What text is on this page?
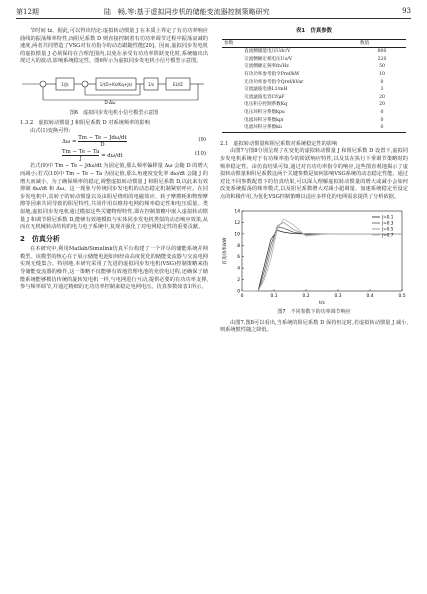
第12期	陆　畅,等:基于虚拟同步机的储能变流器控制策略研究	93

节时间 tz。据此,可以得出结论:虚拟转动惯量 J 在本质上界定了有功功率响应曲线的振荡频率特性,而阻尼系数 D 则直接控制着有功功率调节过程中振荡衰减的速度,两者共同塑造了VSG对有功指令的动态跟随性能[20]。因而,虚拟同步发电机的虚拟惯量 J 必须保持在合理范围内,以免在承受有功功率阶跃变化时,系统输出出现过大的波动,影响系统稳定性。图6所示为虚拟同步发电机小信号模型示意图。

1/Js	1/(D+Ks/Kq+Js)	1/s	EU/Z
D·Δω
图6　虚拟同步发电机小信号模型示意图

1.3.2　虚拟转动惯量 J 和阻尼系数 D 对系统频率的影响

由式(1)变换可得:

$\Delta\omega = \frac{\text{Tm − Te − Jdω/dt}}{D}$	(9)
$\frac{Tm - Te - Ta}{J} = d\omega/dt$	(10)

若式(9)中 Tm − Te − Jdω/dt 为固定值,那么频率偏移量 Δω 会随 D 的增大而减小;若式(10)中 Tm − Te − Ta 为固定值,那么角速度变化率 dω/dt 会随 J 的增大而减小。为了确保频率的稳定,调整虚拟转动惯量 J 和阻尼系数 D,以此来有效抑制 dω/dt 和 Δω。这一现象与传统同步发电机的动态稳定机制紧密呼应。在同步发电机中,其转子的转动惯量以及由阻尼绕组的电磁效应、转子摩擦耗和物理摩擦等因素共同导致的阻尼特性,共同作用以维持电网的频率稳定性和电压质量。类似地,虚拟同步发电机通过模拟这些关键物理特性,即在控制策略中嵌入虚拟转动惯量 J 和调节阻尼系数 D,能够有效地模拟与实体同步发电机类似的动态响应效果,从而在无机械转动结构的电力电子系统中,复现并强化了对电网稳定性的重要贡献。

2　仿真分析

在本研究中,利用Matlab/Simulink仿真平台构建了一个详尽的储能系统并网模型。该模型的核心在于展示储能电池如何经由高度优化的储能变流器与交流电网实现无缝集合。特别地,本研究采用了先进的虚拟同步发电机(VSG)控制策略来指导储能变流器的操作,这一策略不仅能够有效地管理电池的充放电过程,还确保了储能系统能够模仿传统的旋转发电机一样,与电网进行互动,提供必要的有功功率支撑,参与频率调节,并通过精细的无功功率控制来稳定电网电压。仿真参数如表1所示。

表1　仿真参数
参数	数值
直流侧储能电压Udc/V	800
交流侧额定相电压Uo/V	220
交流侧额定频率fn/Hz	50
有功功率参考指令Pref/kW	10
无功功率参考指令Qref/kVar	0
交流滤波电感L1/mH	3
交流滤波电容Cf/μF	20
电压积分控制系数Kq	20
电压环积分系数kpu	0
电流环积分系数kpi	0
电流环积分系数kii	0

2.1　虚拟转动惯量和阻尼系数对系统稳定性的影响

由图7与图8分别呈现了在变化的虚拟转动惯量 J 和阻尼系数 D 设置下,虚拟同步发电机系统对于有功频率指令的阶跃响应特性,以及其在执行下垂调节策略时的频率稳定性。由仿真结果可知,通过对有功功率指令的响应,这些图直观地揭示了虚拟转动惯量和阻尼系数这两个关键参数是如何影响VSG系统的动态稳定性能。通过对比不同参数配置下的仿真结果,可以深入理解虚拟转动惯量的增大或减小会如何改变系统振荡的频率模式,以及阻尼系数增大对减小超调量、加速系统稳定至设定点的积极作用,为优化VSG控制策略以适应多样化的电网需求提供了分析依据。

0	0.1	0.2	0.3	0.4	0.5
0
2
4
6
8
10
12
14
t/s
有功功率/kW
J=0.1
J=0.3
J=0.5
J=0.7
图7　不同参数下的功率调节响应

由图7,图8可以看出,当系统的阻尼系数 D 保持恒定时,若虚拟转动惯量 J 减小,则系统惯性随之降低。
